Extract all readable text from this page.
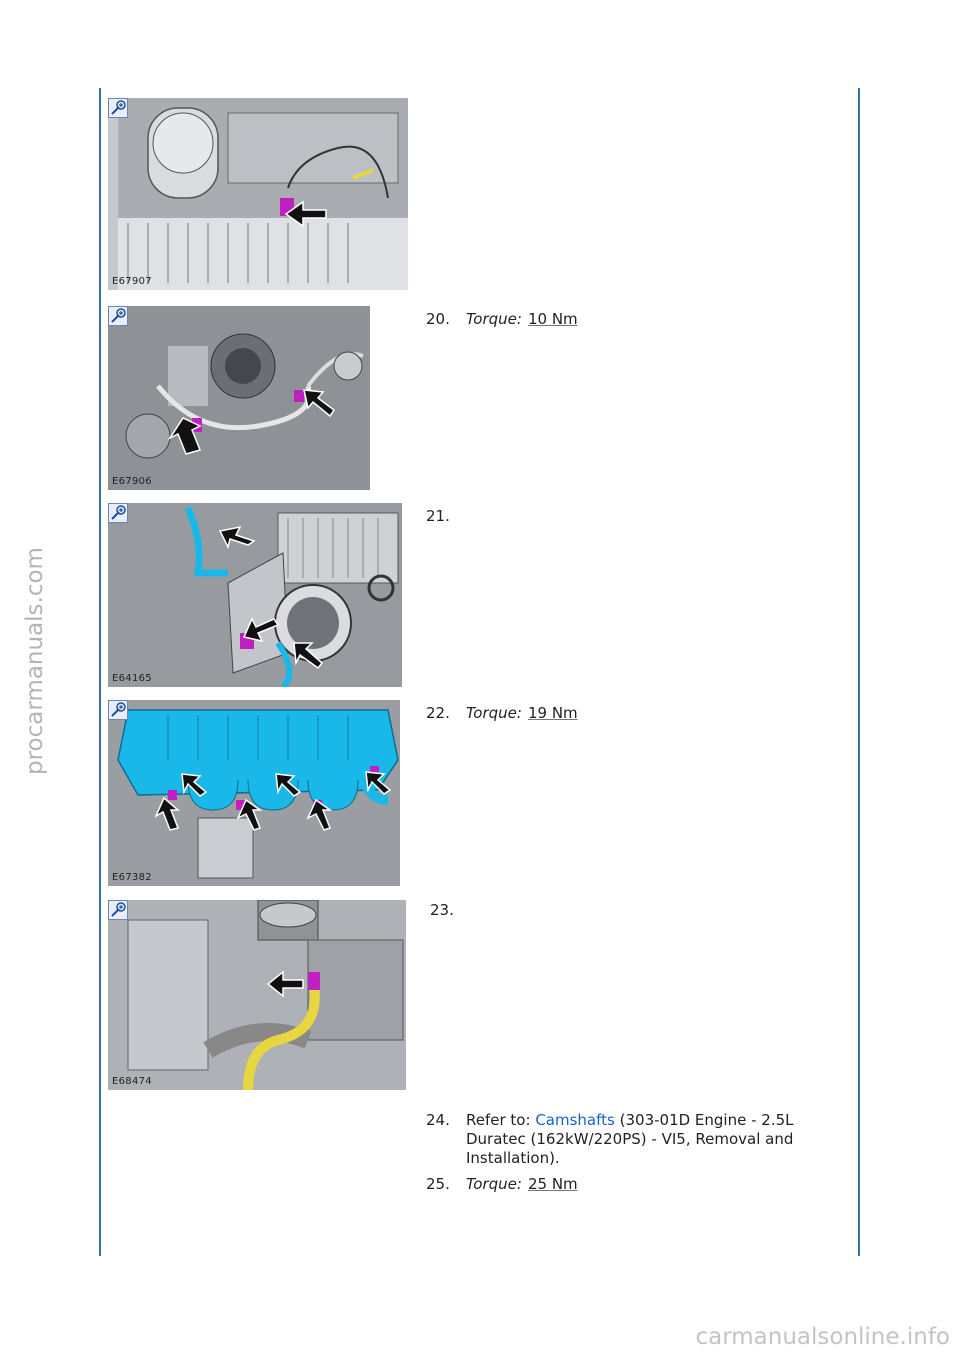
E67907
E67906
20. Torque: 10 Nm
E64165
21.
E67382
22. Torque: 19 Nm
E68474
23.
24. Refer to: Camshafts (303-01D Engine - 2.5L Duratec (162kW/220PS) - VI5, Removal and Installation).
25. Torque: 25 Nm
procarmanuals.com
carmanualsonline.info
